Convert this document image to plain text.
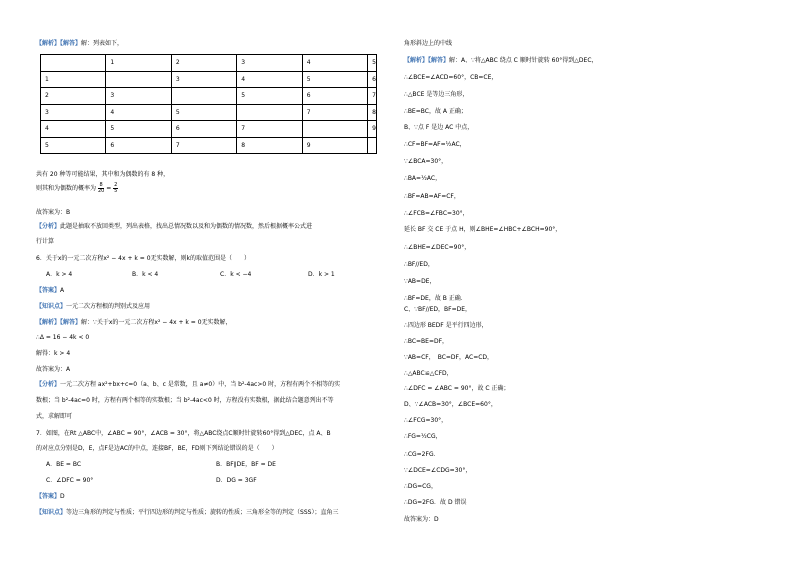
【解析】【解答】解：列表如下，
	1	2	3	4	5
1		3	4	5	6
2	3		5	6	7
3	4	5		7	8
4	5	6	7		9
5	6	7	8	9	
共有 20 种等可能结果，其中和为偶数的有 8 种，
则其和为偶数的概率为 $\frac{8}{20} = \frac{2}{5}$
故答案为：B
【分析】此题是抽取不放回类型，列出表格，找出总情况数以及和为偶数的情况数，然后根据概率公式进
行计算
6．关于x的一元二次方程x² − 4x + k = 0无实数解，则k的取值范围是（　　）
A．k > 4	B．k < 4	C．k < −4	D．k > 1
【答案】A
【知识点】一元二次方程根的判别式及应用
【解析】【解答】解：∵关于x的一元二次方程x² − 4x + k = 0无实数解，
∴Δ = 16 − 4k < 0
解得：k > 4
故答案为：A
【分析】一元二次方程 ax²+bx+c=0（a、b、c 是常数，且 a≠0）中，当 b²-4ac>0 时，方程有两个不相等的实
数根；当 b²-4ac=0 时，方程有两个相等的实数根；当 b²-4ac<0 时，方程没有实数根，据此结合题意列出不等
式，求解即可
7．如图，在Rt △ABC中，∠ABC = 90°，∠ACB = 30°，将△ABC绕点C顺时针旋转60°得到△DEC，点 A、B
的对应点分别是D，E，点F是边AC的中点，连接BF，BE，FD则下列结论错误的是（　　）
A．BE = BC	B．BF∥DE，BF = DE
C．∠DFC = 90°	D．DG = 3GF
【答案】D
【知识点】等边三角形的判定与性质；平行四边形的判定与性质；旋转的性质；三角形全等的判定（SSS）；直角三
角形斜边上的中线
【解析】【解答】解：A、∵将△ABC 绕点 C 顺时针旋转 60°得到△DEC，
∴∠BCE=∠ACD=60°，CB=CE，
∴△BCE 是等边三角形，
∴BE=BC，故 A 正确；
B、∵点 F 是边 AC 中点，
∴CF=BF=AF=½AC，
∵∠BCA=30°，
∴BA=½AC，
∴BF=AB=AF=CF，
∴∠FCB=∠FBC=30°，
延长 BF 交 CE 于点 H，则∠BHE=∠HBC+∠BCH=90°，
∴∠BHE=∠DEC=90°，
∴BF//ED，
∵AB=DE，
∴BF=DE，故 B 正确．
C、∵BF//ED，BF=DE，
∴四边形 BEDF 是平行四边形，
∴BC=BE=DF，
∵AB=CF，　BC=DF，AC=CD，
∴△ABC≌△CFD，
∴∠DFC = ∠ABC = 90°，故 C 正确；
D、∵∠ACB=30°，∠BCE=60°，
∴∠FCG=30°，
∴FG=½CG，
∴CG=2FG．
∵∠DCE=∠CDG=30°，
∴DG=CG，
∴DG=2FG．故 D 错误
故答案为：D
